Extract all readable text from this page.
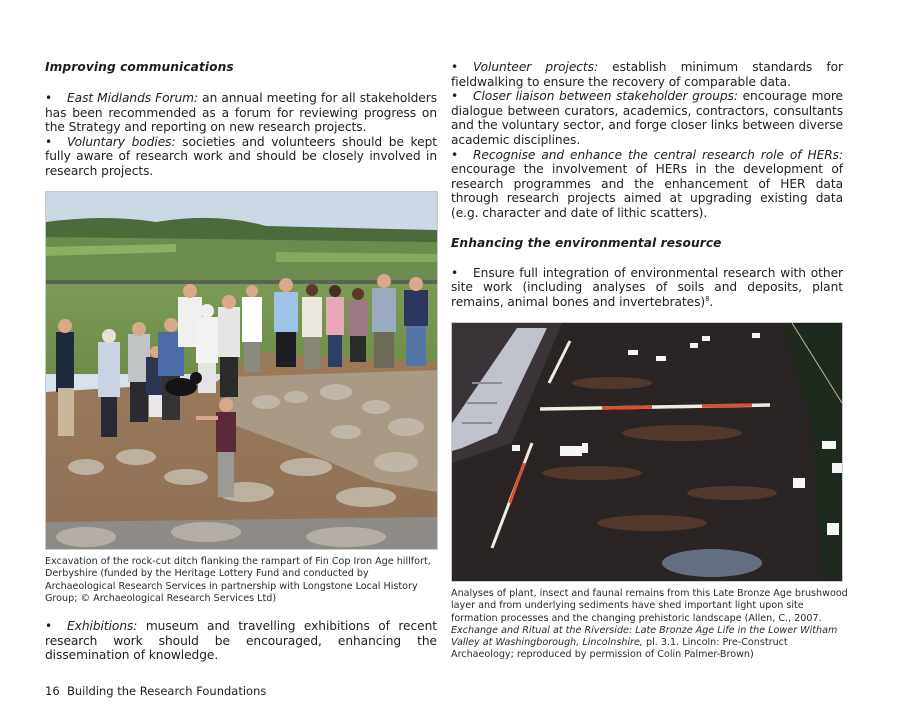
Improving communications

• East Midlands Forum: an annual meeting for all stakeholders has been recommended as a forum for reviewing progress on the Strategy and reporting on new research projects.

• Voluntary bodies: societies and volunteers should be kept fully aware of research work and should be closely involved in research projects.

Excavation of the rock-cut ditch flanking the rampart of Fin Cop Iron Age hillfort, Derbyshire (funded by the Heritage Lottery Fund and conducted by Archaeological Research Services in partnership with Longstone Local History Group; © Archaeological Research Services Ltd)

• Exhibitions: museum and travelling exhibitions of recent research work should be encouraged, enhancing the dissemination of knowledge.

• Volunteer projects: establish minimum standards for fieldwalking to ensure the recovery of comparable data.

• Closer liaison between stakeholder groups: encourage more dialogue between curators, academics, contractors, consultants and the voluntary sector, and forge closer links between diverse academic disciplines.

• Recognise and enhance the central research role of HERs: encourage the involvement of HERs in the development of research programmes and the enhancement of HER data through research projects aimed at upgrading existing data (e.g. character and date of lithic scatters).

Enhancing the environmental resource

• Ensure full integration of environmental research with other site work (including analyses of soils and deposits, plant remains, animal bones and invertebrates)$^8$.

Analyses of plant, insect and faunal remains from this Late Bronze Age brushwood layer and from underlying sediments have shed important light upon site formation processes and the changing prehistoric landscape (Allen, C., 2007. Exchange and Ritual at the Riverside: Late Bronze Age Life in the Lower Witham Valley at Washingborough, Lincolnshire, pl. 3.1. Lincoln: Pre-Construct Archaeology; reproduced by permission of Colin Palmer-Brown)
16 Building the Research Foundations
